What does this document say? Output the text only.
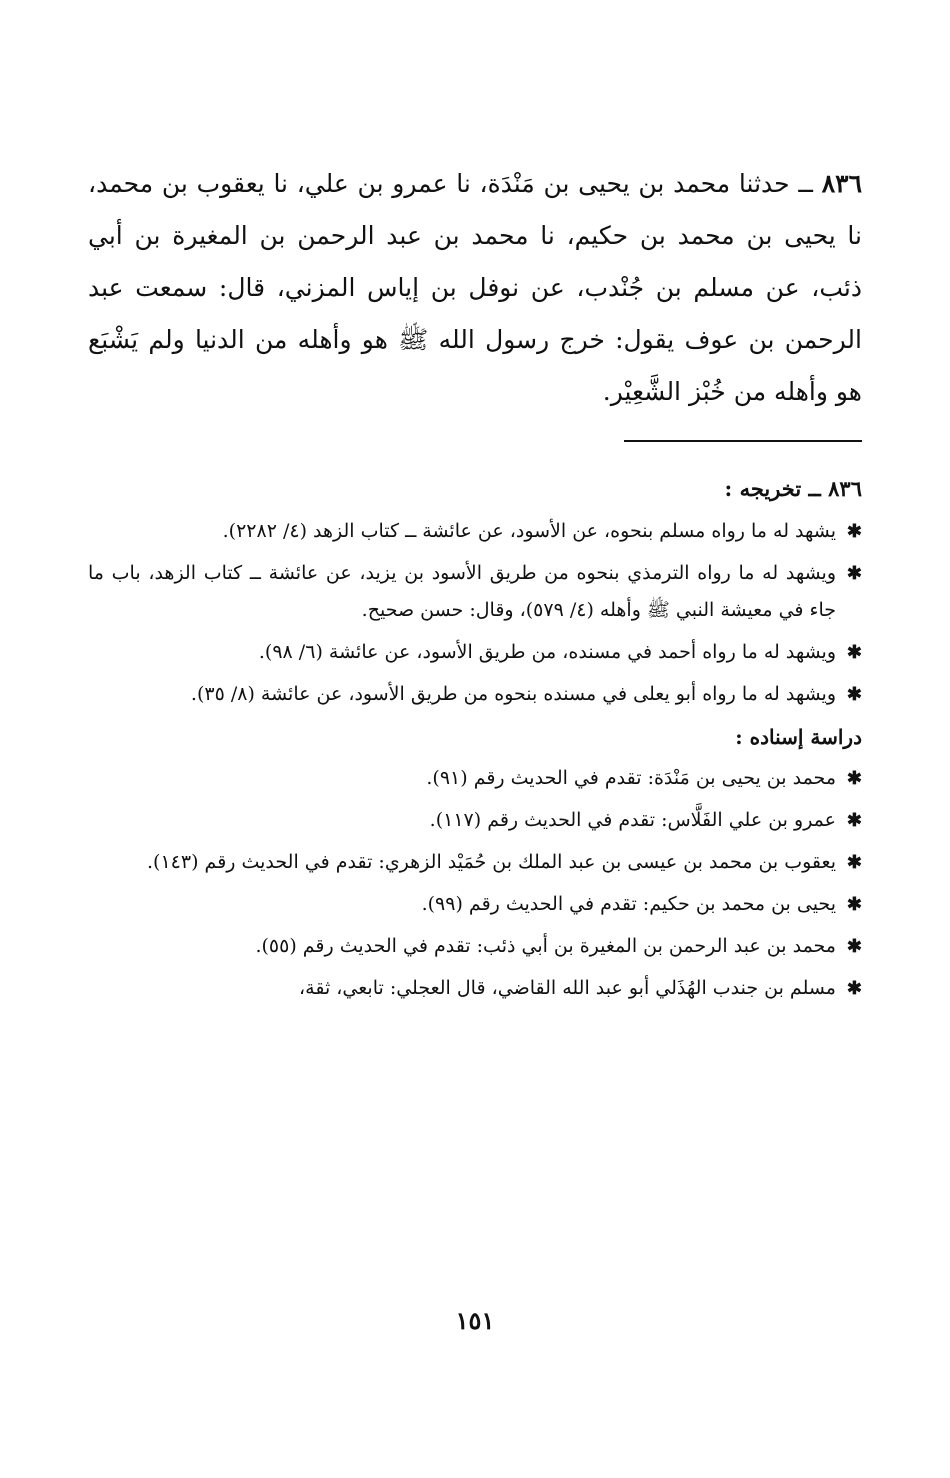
٨٣٦ ــ حدثنا محمد بن يحيى بن مَنْدَة، نا عمرو بن علي، نا يعقوب بن محمد، نا يحيى بن محمد بن حكيم، نا محمد بن عبد الرحمن بن المغيرة بن أبي ذئب، عن مسلم بن جُنْدب، عن نوفل بن إياس المزني، قال: سمعت عبد الرحمن بن عوف يقول: خرج رسول الله ﷺ هو وأهله من الدنيا ولم يَشْبَع هو وأهله من خُبْز الشَّعِيْر.
٨٣٦ ــ تخريجه :
✱
يشهد له ما رواه مسلم بنحوه، عن الأسود، عن عائشة ــ كتاب الزهد (٤/ ٢٢٨٢).
✱
ويشهد له ما رواه الترمذي بنحوه من طريق الأسود بن يزيد، عن عائشة ــ كتاب الزهد، باب ما جاء في معيشة النبي ﷺ وأهله (٤/ ٥٧٩)، وقال: حسن صحيح.
✱
ويشهد له ما رواه أحمد في مسنده، من طريق الأسود، عن عائشة (٦/ ٩٨).
✱
ويشهد له ما رواه أبو يعلى في مسنده بنحوه من طريق الأسود، عن عائشة (٨/ ٣٥).
دراسة إسناده :
✱
محمد بن يحيى بن مَنْدَة: تقدم في الحديث رقم (٩١).
✱
عمرو بن علي الفَلَّاس: تقدم في الحديث رقم (١١٧).
✱
يعقوب بن محمد بن عيسى بن عبد الملك بن حُمَيْد الزهري: تقدم في الحديث رقم (١٤٣).
✱
يحيى بن محمد بن حكيم: تقدم في الحديث رقم (٩٩).
✱
محمد بن عبد الرحمن بن المغيرة بن أبي ذئب: تقدم في الحديث رقم (٥٥).
✱
مسلم بن جندب الهُذَلي أبو عبد الله القاضي، قال العجلي: تابعي، ثقة،
١٥١
